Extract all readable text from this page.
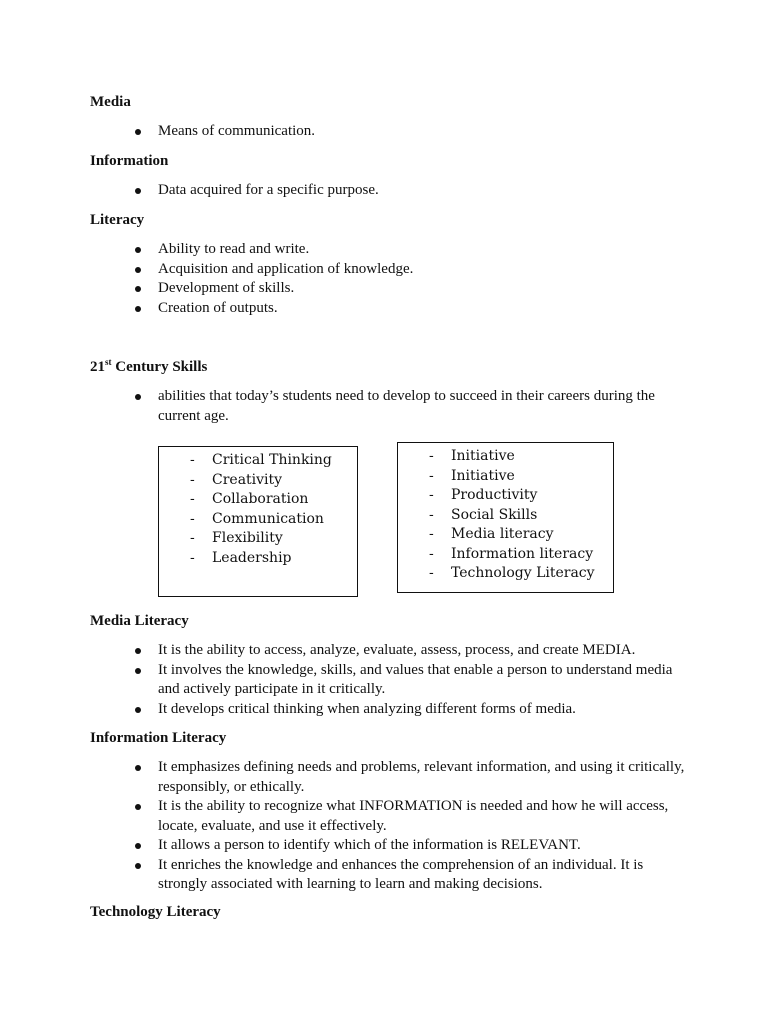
Media
Means of communication.
Information
Data acquired for a specific purpose.
Literacy
Ability to read and write.
Acquisition and application of knowledge.
Development of skills.
Creation of outputs.
21st Century Skills
abilities that today’s students need to develop to succeed in their careers during the current age.
- Critical Thinking
- Creativity
- Collaboration
- Communication
- Flexibility
- Leadership
- Initiative
- Initiative
- Productivity
- Social Skills
- Media literacy
- Information literacy
- Technology Literacy
Media Literacy
It is the ability to access, analyze, evaluate, assess, process, and create MEDIA.
It involves the knowledge, skills, and values that enable a person to understand media and actively participate in it critically.
It develops critical thinking when analyzing different forms of media.
Information Literacy
It emphasizes defining needs and problems, relevant information, and using it critically, responsibly, or ethically.
It is the ability to recognize what INFORMATION is needed and how he will access, locate, evaluate, and use it effectively.
It allows a person to identify which of the information is RELEVANT.
It enriches the knowledge and enhances the comprehension of an individual. It is strongly associated with learning to learn and making decisions.
Technology Literacy
